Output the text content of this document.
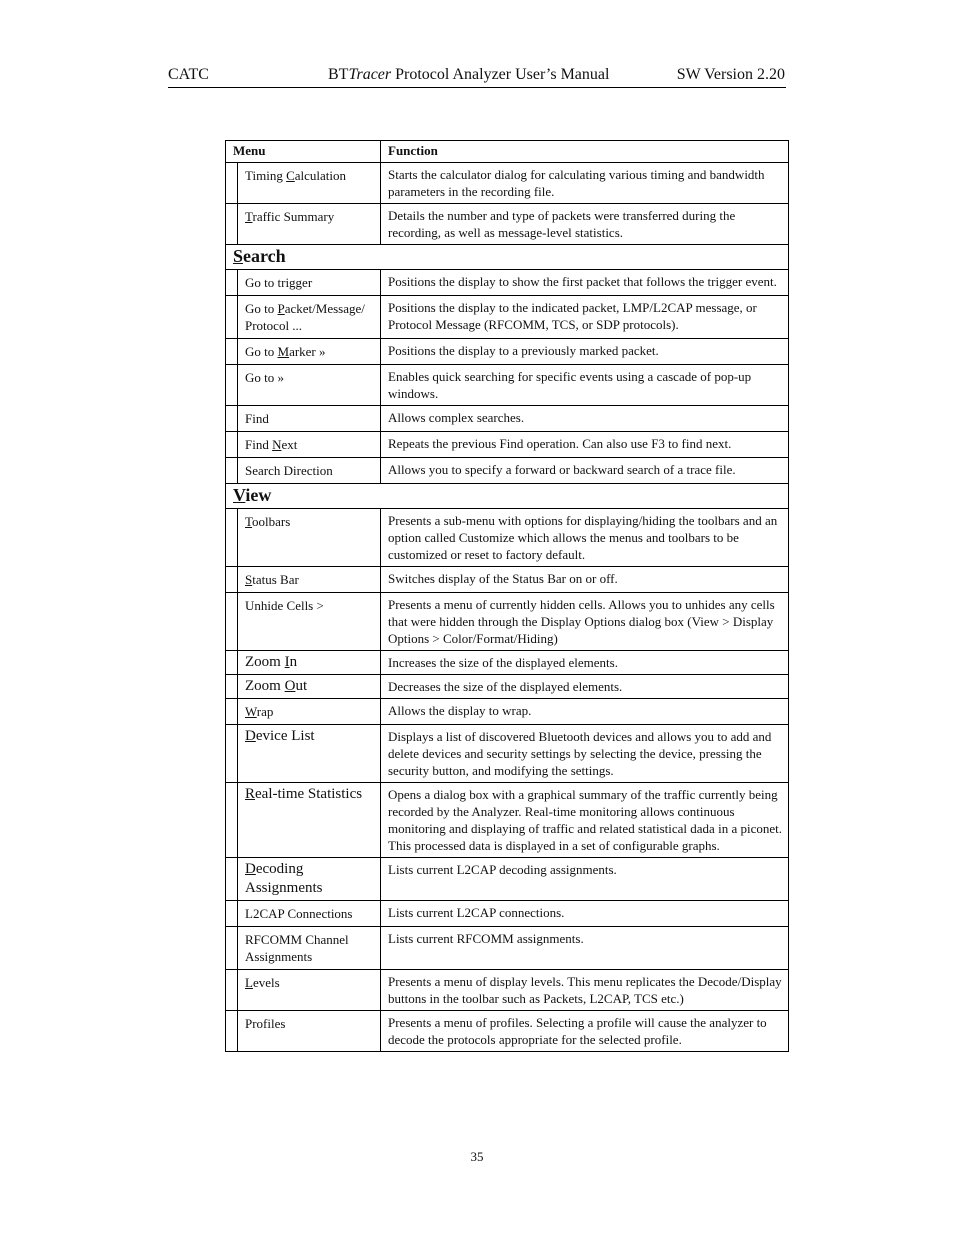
CATC	BTTracer Protocol Analyzer User’s Manual	SW Version 2.20
Menu		Function
	Timing Calculation	Starts the calculator dialog for calculating various timing and bandwidth parameters in the recording file.
	Traffic Summary	Details the number and type of packets were transferred during the recording, as well as message-level statistics.
Search		
	Go to trigger	Positions the display to show the first packet that follows the trigger event.
	Go to Packet/Message/ Protocol ...	Positions the display to the indicated packet, LMP/L2CAP message, or Protocol Message (RFCOMM, TCS, or SDP protocols).
	Go to Marker »	Positions the display to a previously marked packet.
	Go to »	Enables quick searching for specific events using a cascade of pop-up windows.
	Find	Allows complex searches.
	Find Next	Repeats the previous Find operation. Can also use F3 to find next.
	Search Direction	Allows you to specify a forward or backward search of a trace file.
View		
	Toolbars	Presents a sub-menu with options for displaying/hiding the toolbars and an option called Customize which allows the menus and toolbars to be customized or reset to factory default.
	Status Bar	Switches display of the Status Bar on or off.
	Unhide Cells >	Presents a menu of currently hidden cells. Allows you to unhides any cells that were hidden through the Display Options dialog box (View > Display Options > Color/Format/Hiding)
	Zoom In	Increases the size of the displayed elements.
	Zoom Out	Decreases the size of the displayed elements.
	Wrap	Allows the display to wrap.
	Device List	Displays a list of discovered Bluetooth devices and allows you to add and delete devices and security settings by selecting the device, pressing the security button, and modifying the settings.
	Real-time Statistics	Opens a dialog box with a graphical summary of the traffic currently being recorded by the Analyzer. Real-time monitoring allows continuous monitoring and displaying of traffic and related statistical dada in a piconet. This processed data is displayed in a set of configurable graphs.
	Decoding Assignments	Lists current L2CAP decoding assignments.
	L2CAP Connections	Lists current L2CAP connections.
	RFCOMM Channel Assignments	Lists current RFCOMM assignments.
	Levels	Presents a menu of display levels. This menu replicates the Decode/Display buttons in the toolbar such as Packets, L2CAP, TCS etc.)
	Profiles	Presents a menu of profiles. Selecting a profile will cause the analyzer to decode the protocols appropriate for the selected profile.
35
